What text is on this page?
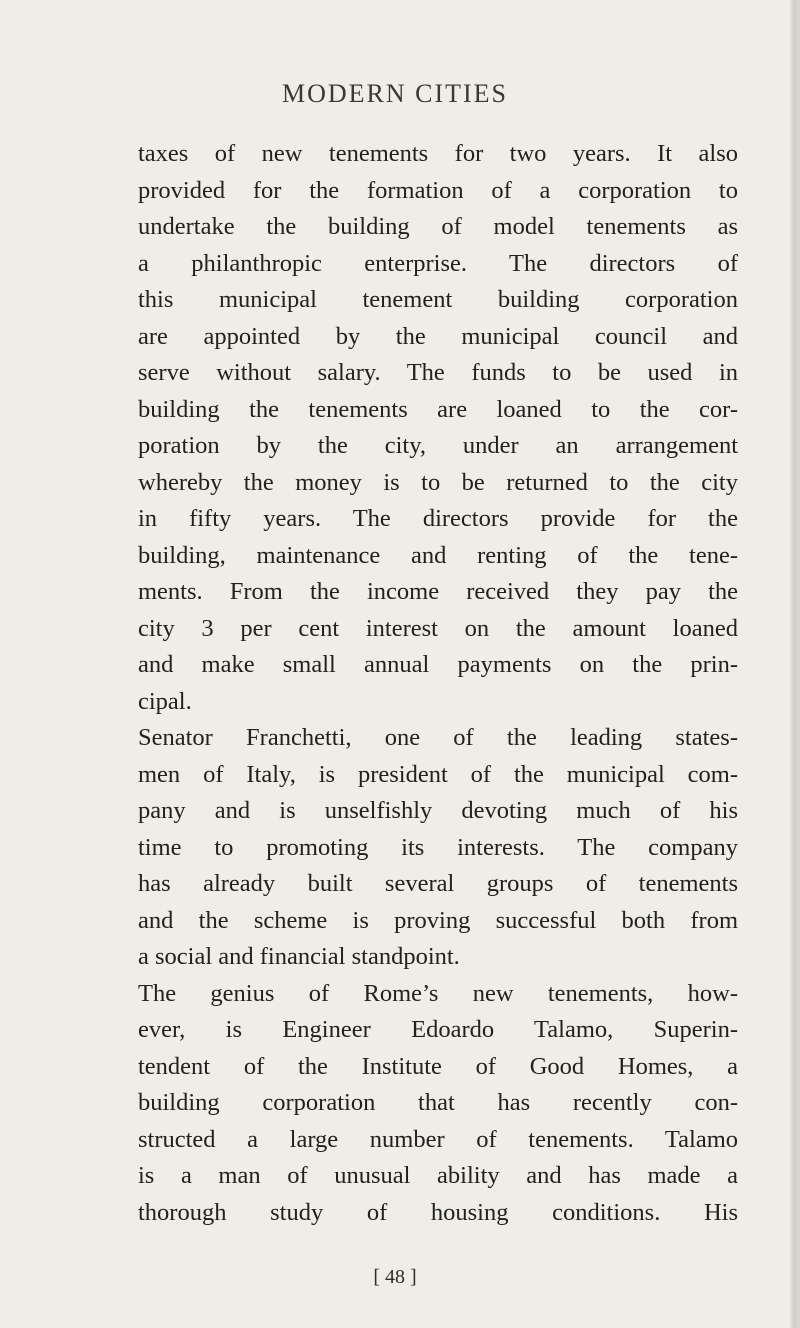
MODERN CITIES
taxes of new tenements for two years. It also
provided for the formation of a corporation to
undertake the building of model tenements as
a philanthropic enterprise. The directors of
this municipal tenement building corporation
are appointed by the municipal council and
serve without salary. The funds to be used in
building the tenements are loaned to the cor-
poration by the city, under an arrangement
whereby the money is to be returned to the city
in fifty years. The directors provide for the
building, maintenance and renting of the tene-
ments. From the income received they pay the
city 3 per cent interest on the amount loaned
and make small annual payments on the prin-
cipal.
Senator Franchetti, one of the leading states-
men of Italy, is president of the municipal com-
pany and is unselfishly devoting much of his
time to promoting its interests. The company
has already built several groups of tenements
and the scheme is proving successful both from
a social and financial standpoint.
The genius of Rome’s new tenements, how-
ever, is Engineer Edoardo Talamo, Superin-
tendent of the Institute of Good Homes, a
building corporation that has recently con-
structed a large number of tenements. Talamo
is a man of unusual ability and has made a
thorough study of housing conditions. His
[ 48 ]
